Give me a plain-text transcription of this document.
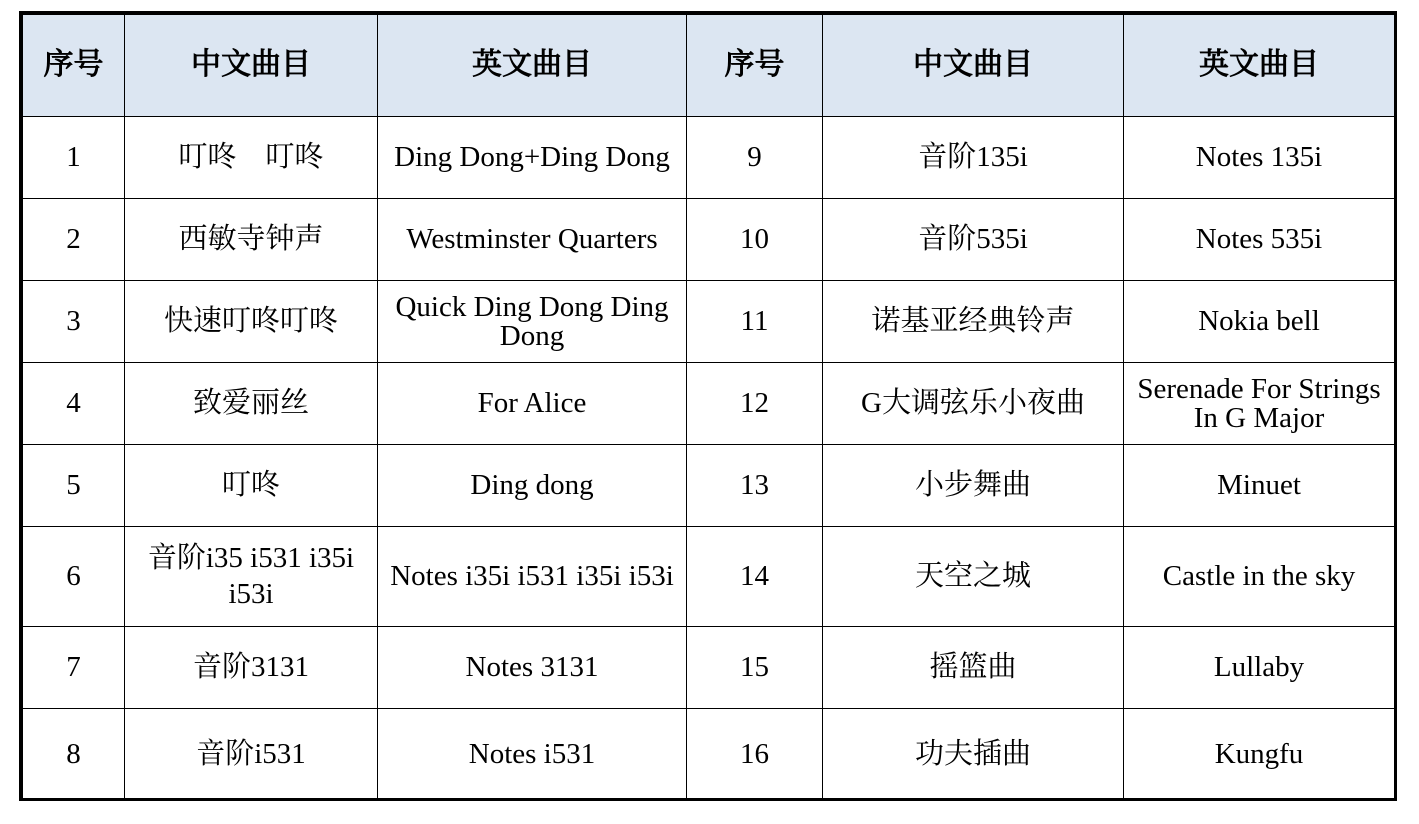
序号	中文曲目	英文曲目	序号	中文曲目	英文曲目
1	叮咚　叮咚	Ding Dong+Ding Dong	9	音阶135i	Notes 135i
2	西敏寺钟声	Westminster Quarters	10	音阶535i	Notes 535i
3	快速叮咚叮咚	Quick Ding Dong Ding Dong	11	诺基亚经典铃声	Nokia bell
4	致爱丽丝	For Alice	12	G大调弦乐小夜曲	Serenade For Strings In G Major
5	叮咚	Ding dong	13	小步舞曲	Minuet
6	音阶i35 i531 i35i i53i	Notes i35i i531 i35i i53i	14	天空之城	Castle in the sky
7	音阶3131	Notes 3131	15	摇篮曲	Lullaby
8	音阶i531	Notes i531	16	功夫插曲	Kungfu
